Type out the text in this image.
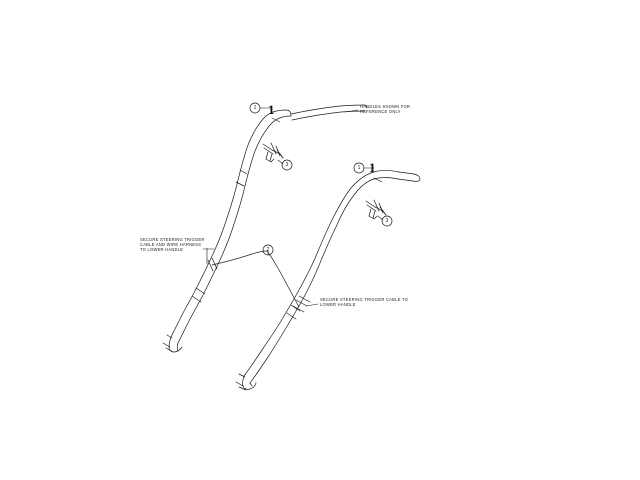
1
3	1
3
2
1
1
HANDLES SHOWN FOR
REFERENCE ONLY
SECURE STEERING TRIGGER
CABLE AND WIRE HARNESS
TO LOWER HANDLE
SECURE STEERING TRIGGER CABLE TO
LOWER HANDLE
